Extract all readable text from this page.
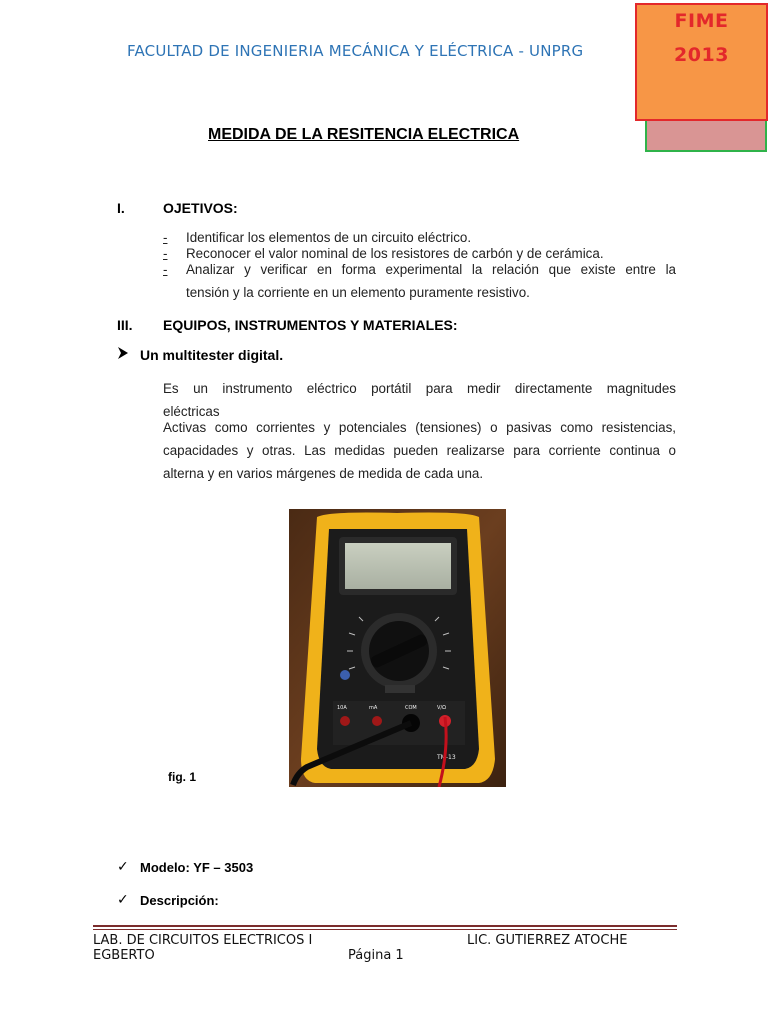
FACULTAD DE INGENIERIA MECÁNICA Y ELÉCTRICA - UNPRG
FIME
2013
MEDIDA DE LA RESITENCIA ELECTRICA
I.	OJETIVOS:
- Identificar los elementos de un circuito eléctrico.
- Reconocer el valor nominal de los resistores de carbón y de cerámica.
-	Analizar y verificar en forma experimental la relación que existe entre la
tensión y la corriente en un elemento puramente resistivo.
III. EQUIPOS, INSTRUMENTOS Y MATERIALES:
Un multitester digital.
Es un instrumento eléctrico portátil para medir directamente magnitudes
eléctricas
Activas como corrientes y potenciales (tensiones) o pasivas como resistencias,
capacidades y otras. Las medidas pueden realizarse para corriente continua o
alterna y en varios márgenes de medida de cada una.
10A	mA	COM	V/Ω
TM-13
fig. 1
✓ Modelo: YF – 3503
✓ Descripción:
LAB. DE CIRCUITOS ELECTRICOS I	LIC. GUTIERREZ ATOCHE
EGBERTO	Página 1
